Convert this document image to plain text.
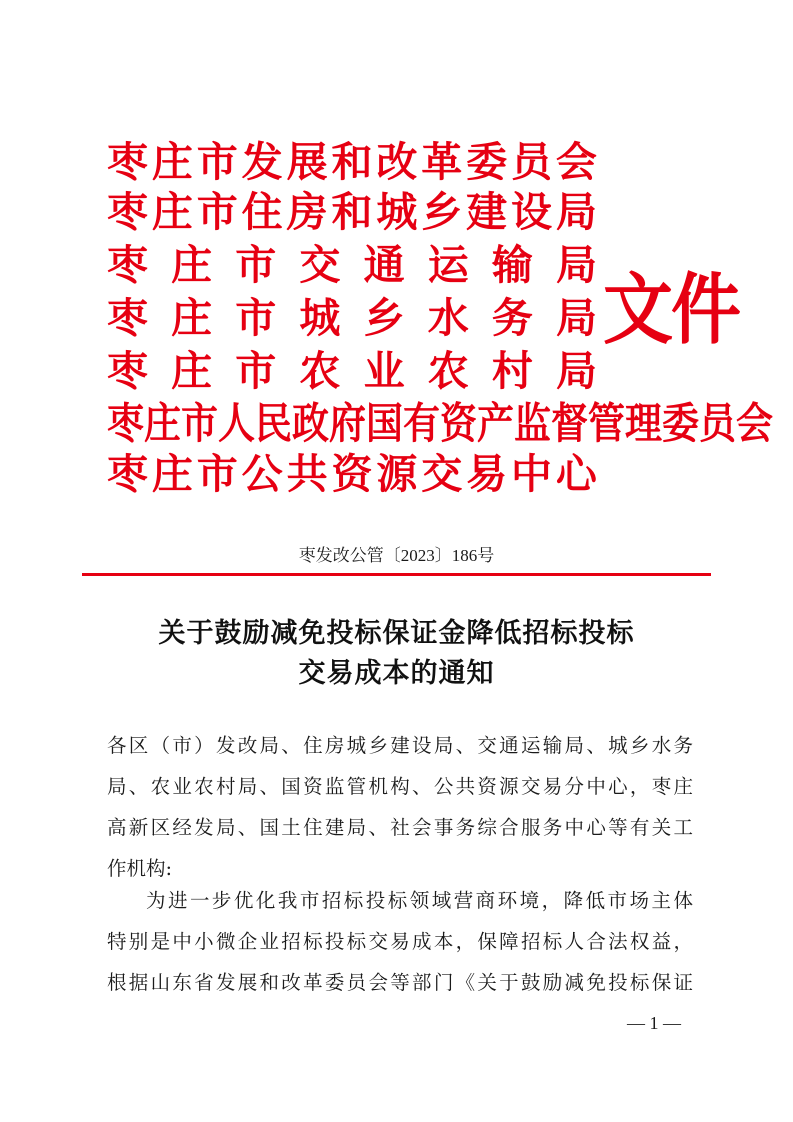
枣 庄 市 发 展 和 改 革 委 员 会
枣 庄 市 住 房 和 城 乡 建 设 局
枣 庄 市 交 通 运 输 局
枣 庄 市 城 乡 水 务 局
枣 庄 市 农 业 农 村 局
枣 庄 市 人 民 政 府 国 有 资 产 监 督 管 理 委 员 会
枣 庄 市 公 共 资 源 交 易 中 心
文件
枣发改公管〔2023〕186号
关于鼓励减免投标保证金降低招标投标
交易成本的通知
各区（市）发改局、住房城乡建设局、交通运输局、城乡水务
局、农业农村局、国资监管机构、公共资源交易分中心，枣庄
高新区经发局、国土住建局、社会事务综合服务中心等有关工
作机构:
为进一步优化我市招标投标领域营商环境，降低市场主体
特别是中小微企业招标投标交易成本，保障招标人合法权益，
根据山东省发展和改革委员会等部门《关于鼓励减免投标保证
— 1 —
